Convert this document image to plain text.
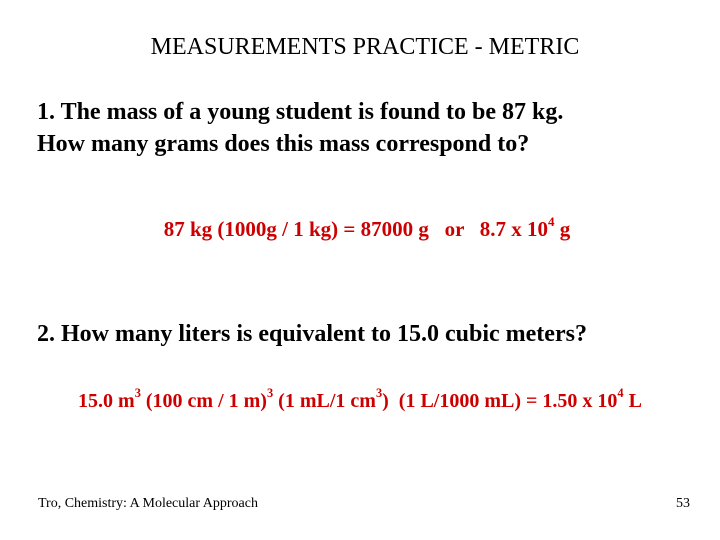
MEASUREMENTS PRACTICE - METRIC
1. The mass of a young student is found to be 87 kg.
How many grams does this mass correspond to?
87 kg (1000g / 1 kg) = 87000 g   or   8.7 x $10^4$ g
2. How many liters is equivalent to 15.0 cubic meters?
15.0 $m^3$ (100 cm / 1 m)$^3$ (1 mL/1 $cm^3$)  (1 L/1000 mL) = 1.50 x $10^4$ L
Tro, Chemistry: A Molecular Approach	53
